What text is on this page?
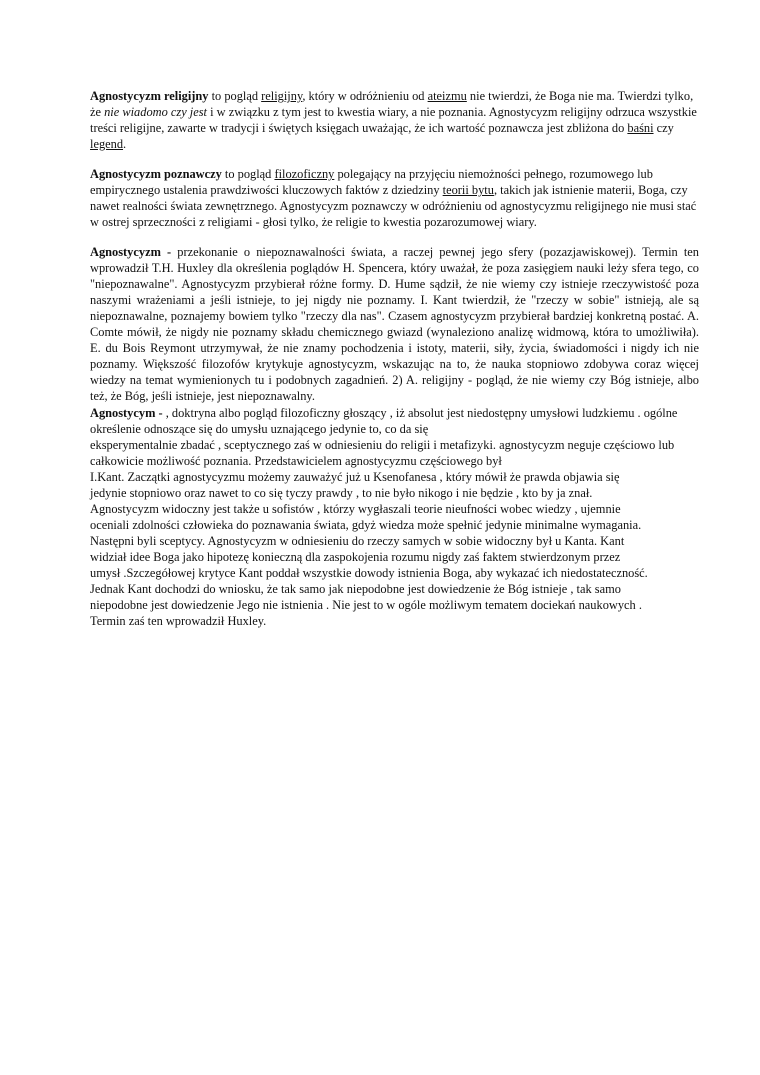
Agnostycyzm religijny to pogląd religijny, który w odróżnieniu od ateizmu nie twierdzi, że Boga nie ma. Twierdzi tylko, że nie wiadomo czy jest i w związku z tym jest to kwestia wiary, a nie poznania. Agnostycyzm religijny odrzuca wszystkie treści religijne, zawarte w tradycji i świętych księgach uważając, że ich wartość poznawcza jest zbliżona do baśni czy legend.

Agnostycyzm poznawczy to pogląd filozoficzny polegający na przyjęciu niemożności pełnego, rozumowego lub empirycznego ustalenia prawdziwości kluczowych faktów z dziedziny teorii bytu, takich jak istnienie materii, Boga, czy nawet realności świata zewnętrznego. Agnostycyzm poznawczy w odróżnieniu od agnostycyzmu religijnego nie musi stać w ostrej sprzeczności z religiami - głosi tylko, że religie to kwestia pozarozumowej wiary.

Agnostycyzm - przekonanie o niepoznawalności świata, a raczej pewnej jego sfery (pozazjawiskowej). Termin ten wprowadził T.H. Huxley dla określenia poglądów H. Spencera, który uważał, że poza zasięgiem nauki leży sfera tego, co "niepoznawalne". Agnostycyzm przybierał różne formy. D. Hume sądził, że nie wiemy czy istnieje rzeczywistość poza naszymi wrażeniami a jeśli istnieje, to jej nigdy nie poznamy. I. Kant twierdził, że "rzeczy w sobie" istnieją, ale są niepoznawalne, poznajemy bowiem tylko "rzeczy dla nas". Czasem agnostycyzm przybierał bardziej konkretną postać. A. Comte mówił, że nigdy nie poznamy składu chemicznego gwiazd (wynaleziono analizę widmową, która to umożliwiła). E. du Bois Reymont utrzymywał, że nie znamy pochodzenia i istoty, materii, siły, życia, świadomości i nigdy ich nie poznamy. Większość filozofów krytykuje agnostycyzm, wskazując na to, że nauka stopniowo zdobywa coraz więcej wiedzy na temat wymienionych tu i podobnych zagadnień. 2) A. religijny - pogląd, że nie wiemy czy Bóg istnieje, albo też, że Bóg, jeśli istnieje, jest niepoznawalny.

Agnostycym - , doktryna albo pogląd filozoficzny głoszący , iż absolut jest niedostępny umysłowi ludzkiemu . ogólne
określenie odnoszące się do umysłu uznającego jedynie to, co da się
eksperymentalnie zbadać , sceptycznego zaś w odniesieniu do religii i metafizyki. agnostycyzm neguje częściowo lub
całkowicie możliwość poznania. Przedstawicielem agnostycyzmu częściowego był
I.Kant. Zaczątki agnostycyzmu możemy zauważyć już u Ksenofanesa , który mówił że prawda objawia się
jedynie stopniowo oraz nawet to co się tyczy prawdy , to nie było nikogo i nie będzie , kto by ja znał.
Agnostycyzm widoczny jest także u sofistów , którzy wygłaszali teorie nieufności wobec wiedzy , ujemnie
oceniali zdolności człowieka do poznawania świata, gdyż wiedza może spełnić jedynie minimalne wymagania.
Następni byli sceptycy. Agnostycyzm w odniesieniu do rzeczy samych w sobie widoczny był u Kanta. Kant
widział idee Boga jako hipotezę konieczną dla zaspokojenia rozumu nigdy zaś faktem stwierdzonym przez
umysł .Szczegółowej krytyce Kant poddał wszystkie dowody istnienia Boga, aby wykazać ich niedostateczność.
Jednak Kant dochodzi do wniosku, że tak samo jak niepodobne jest dowiedzenie że Bóg istnieje , tak samo
niepodobne jest dowiedzenie Jego nie istnienia . Nie jest to w ogóle możliwym tematem dociekań naukowych .
Termin zaś ten wprowadził Huxley.
